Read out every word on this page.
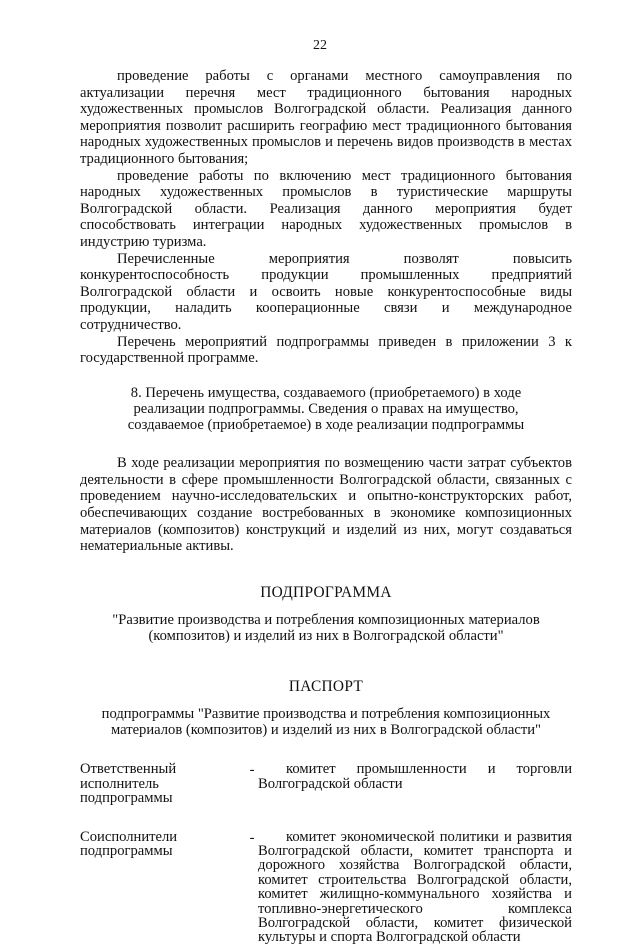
22

проведение работы с органами местного самоуправления по актуализации перечня мест традиционного бытования народных художественных промыслов Волгоградской области. Реализация данного мероприятия позволит расширить географию мест традиционного бытования народных художественных промыслов и перечень видов производств в местах традиционного бытования;

проведение работы по включению мест традиционного бытования народных художественных промыслов в туристические маршруты Волгоградской области. Реализация данного мероприятия будет способствовать интеграции народных художественных промыслов в индустрию туризма.

Перечисленные мероприятия позволят повысить конкурентоспособность продукции промышленных предприятий Волгоградской области и освоить новые конкурентоспособные виды продукции, наладить кооперационные связи и международное сотрудничество.

Перечень мероприятий подпрограммы приведен в приложении 3 к государственной программе.

8. Перечень имущества, создаваемого (приобретаемого) в ходе реализации подпрограммы. Сведения о правах на имущество, создаваемое (приобретаемое) в ходе реализации подпрограммы

В ходе реализации мероприятия по возмещению части затрат субъектов деятельности в сфере промышленности Волгоградской области, связанных с проведением научно-исследовательских и опытно-конструкторских работ, обеспечивающих создание востребованных в экономике композиционных материалов (композитов) конструкций и изделий из них, могут создаваться нематериальные активы.

ПОДПРОГРАММА

"Развитие производства и потребления композиционных материалов (композитов) и изделий из них в Волгоградской области"

ПАСПОРТ

подпрограммы "Развитие производства и потребления композиционных материалов (композитов) и изделий из них в Волгоградской области"

Ответственный исполнитель подпрограммы
-	комитет промышленности и торговли Волгоградской области
Соисполнители подпрограммы
-	комитет экономической политики и развития Волгоградской области, комитет транспорта и дорожного хозяйства Волгоградской области, комитет строительства Волгоградской области, комитет жилищно-коммунального хозяйства и топливно-энергетического комплекса Волгоградской области, комитет физической культуры и спорта Волгоградской области
